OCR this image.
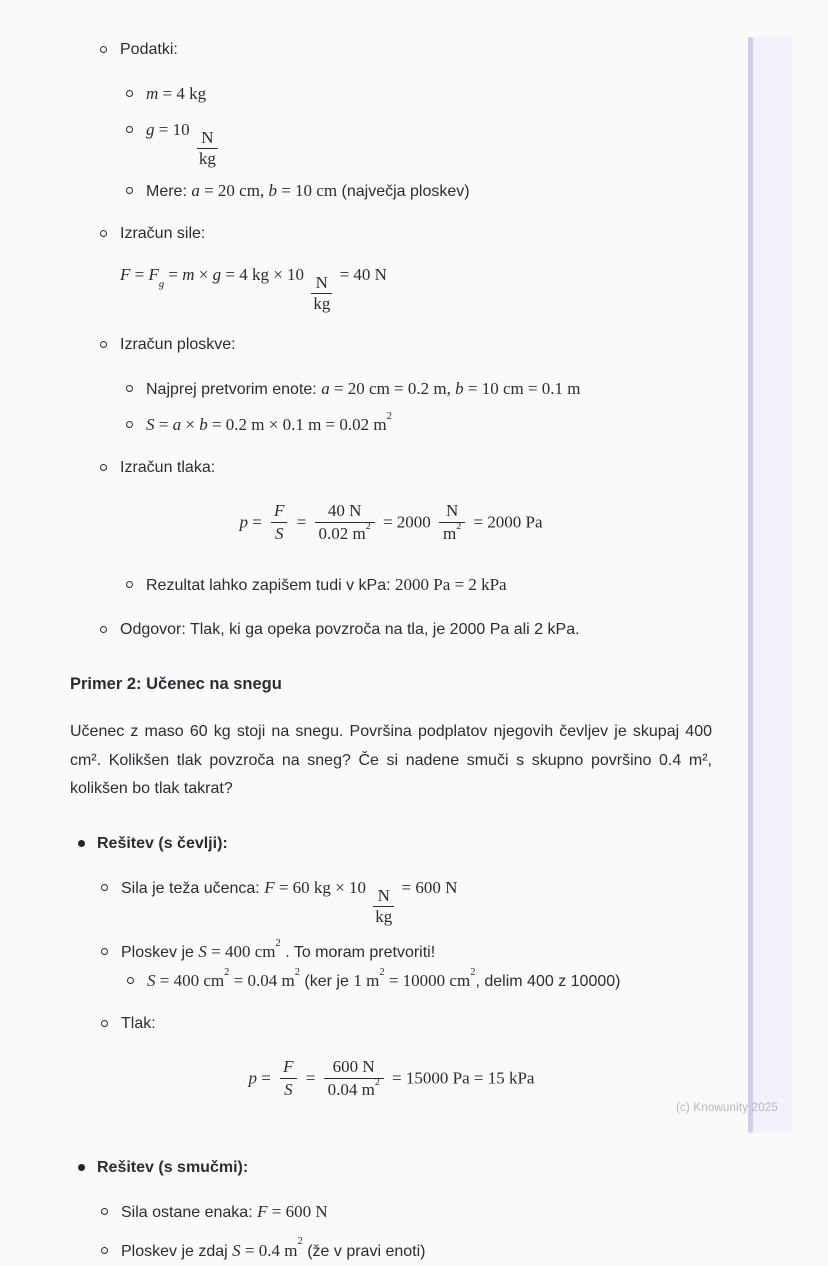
Podatki:
m = 4 kg
$g = 10 \frac{N}{kg}$
Mere: a = 20 cm, b = 10 cm (največja ploskev)
Izračun sile:
$F = F_g = m \times g = 4$ kg × $10 \frac{N}{kg} = 40$ N
Izračun ploskve:
Najprej pretvorim enote: a = 20 cm = 0.2 m, b = 10 cm = 0.1 m
S = a × b = 0.2 m × 0.1 m = 0.02 $m^2$
Izračun tlaka:
$p = \frac{F}{S} = \frac{40 N}{0.02 m^2} = 2000 \frac{N}{m^2} = 2000$ Pa
Rezultat lahko zapišem tudi v kPa: 2000 Pa = 2 kPa
Odgovor: Tlak, ki ga opeka povzroča na tla, je 2000 Pa ali 2 kPa.

Primer 2: Učenec na snegu

Učenec z maso 60 kg stoji na snegu. Površina podplatov njegovih čevljev je skupaj 400 cm². Kolikšen tlak povzroča na sneg? Če si nadene smuči s skupno površino 0.4 m², kolikšen bo tlak takrat?

Rešitev (s čevlji):
Sila je teža učenca: F = 60 kg × $10 \frac{N}{kg} = 600$ N
Ploskev je S = 400 $cm^2$ . To moram pretvoriti!
S = 400 $cm^2 = 0.04$ $m^2$ (ker je 1 $m^2 = 10000$ $cm^2$, delim 400 z 10000)
Tlak:
$p = \frac{F}{S} = \frac{600 N}{0.04 m^2} = 15000$ Pa = 15 kPa
Rešitev (s smučmi):
Sila ostane enaka: F = 600 N
Ploskev je zdaj S = 0.4 $m^2$ (že v pravi enoti)
(c) Knowunity 2025
